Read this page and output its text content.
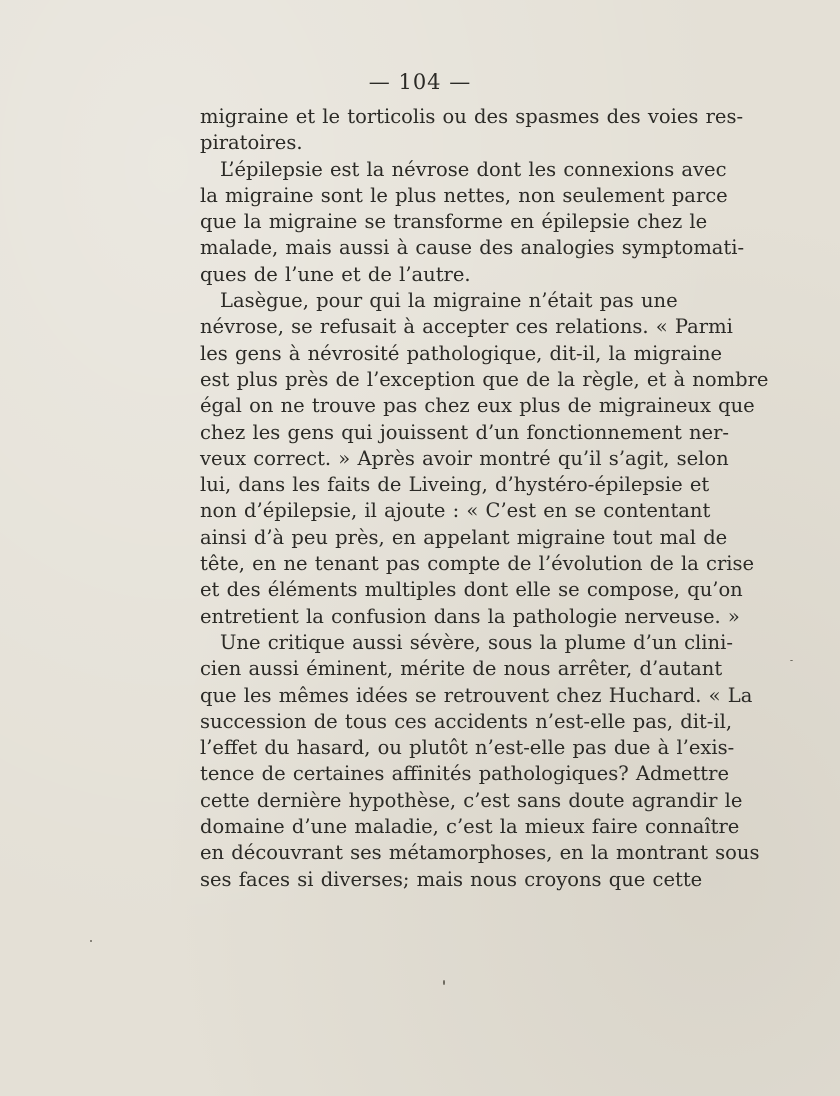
— 104 —
migraine et le torticolis ou des spasmes des voies res-
piratoires.
L’épilepsie est la névrose dont les connexions avec
la migraine sont le plus nettes, non seulement parce
que la migraine se transforme en épilepsie chez le
malade, mais aussi à cause des analogies symptomati-
ques de l’une et de l’autre.
Lasègue, pour qui la migraine n’était pas une
névrose, se refusait à accepter ces relations. « Parmi
les gens à névrosité pathologique, dit-il, la migraine
est plus près de l’exception que de la règle, et à nombre
égal on ne trouve pas chez eux plus de migraineux que
chez les gens qui jouissent d’un fonctionnement ner-
veux correct. » Après avoir montré qu’il s’agit, selon
lui, dans les faits de Liveing, d’hystéro-épilepsie et
non d’épilepsie, il ajoute : « C’est en se contentant
ainsi d’à peu près, en appelant migraine tout mal de
tête, en ne tenant pas compte de l’évolution de la crise
et des éléments multiples dont elle se compose, qu’on
entretient la confusion dans la pathologie nerveuse. »
Une critique aussi sévère, sous la plume d’un clini-
cien aussi éminent, mérite de nous arrêter, d’autant
que les mêmes idées se retrouvent chez Huchard. « La
succession de tous ces accidents n’est-elle pas, dit-il,
l’effet du hasard, ou plutôt n’est-elle pas due à l’exis-
tence de certaines affinités pathologiques? Admettre
cette dernière hypothèse, c’est sans doute agrandir le
domaine d’une maladie, c’est la mieux faire connaître
en découvrant ses métamorphoses, en la montrant sous
ses faces si diverses; mais nous croyons que cette
